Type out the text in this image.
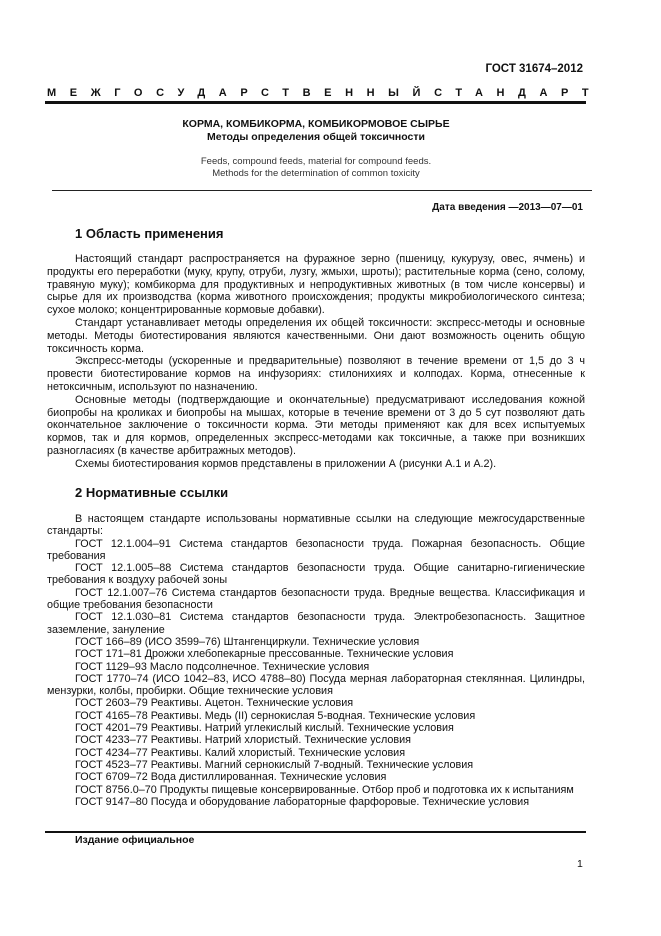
ГОСТ 31674–2012
МЕЖГОСУДАРСТВЕННЫЙ СТАНДАРТ
КОРМА, КОМБИКОРМА, КОМБИКОРМОВОЕ СЫРЬЕ
Методы определения общей токсичности
Feeds, compound feeds, material for compound feeds.
Methods for the determination of common toxicity
Дата введения —2013—07—01
1 Область применения

Настоящий стандарт распространяется на фуражное зерно (пшеницу, кукурузу, овес, ячмень) и продукты его переработки (муку, крупу, отруби, лузгу, жмыхи, шроты); растительные корма (сено, солому, травяную муку); комбикорма для продуктивных и непродуктивных животных (в том числе консервы) и сырье для их производства (корма животного происхождения; продукты микробиологического синтеза; сухое молоко; концентрированные кормовые добавки).

Стандарт устанавливает методы определения их общей токсичности: экспресс-методы и основные методы. Методы биотестирования являются качественными. Они дают возможность оценить общую токсичность корма.

Экспресс-методы (ускоренные и предварительные) позволяют в течение времени от 1,5 до 3 ч провести биотестирование кормов на инфузориях: стилонихиях и колподах. Корма, отнесенные к нетоксичным, используют по назначению.

Основные методы (подтверждающие и окончательные) предусматривают исследования кожной биопробы на кроликах и биопробы на мышах, которые в течение времени от 3 до 5 сут позволяют дать окончательное заключение о токсичности корма. Эти методы применяют как для всех испытуемых кормов, так и для кормов, определенных экспресс-методами как токсичные, а также при возникших разногласиях (в качестве арбитражных методов).

Схемы биотестирования кормов представлены в приложении А (рисунки А.1 и А.2).

2 Нормативные ссылки

В настоящем стандарте использованы нормативные ссылки на следующие межгосударственные стандарты:

ГОСТ 12.1.004–91 Система стандартов безопасности труда. Пожарная безопасность. Общие требования

ГОСТ 12.1.005–88 Система стандартов безопасности труда. Общие санитарно-гигиенические требования к воздуху рабочей зоны

ГОСТ 12.1.007–76 Система стандартов безопасности труда. Вредные вещества. Классификация и общие требования безопасности

ГОСТ 12.1.030–81 Система стандартов безопасности труда. Электробезопасность. Защитное заземление, зануление

ГОСТ 166–89 (ИСО 3599–76) Штангенциркули. Технические условия

ГОСТ 171–81 Дрожжи хлебопекарные прессованные. Технические условия

ГОСТ 1129–93 Масло подсолнечное. Технические условия

ГОСТ 1770–74 (ИСО 1042–83, ИСО 4788–80) Посуда мерная лабораторная стеклянная. Цилиндры, мензурки, колбы, пробирки. Общие технические условия

ГОСТ 2603–79 Реактивы. Ацетон. Технические условия

ГОСТ 4165–78 Реактивы. Медь (II) сернокислая 5-водная. Технические условия

ГОСТ 4201–79 Реактивы. Натрий углекислый кислый. Технические условия

ГОСТ 4233–77 Реактивы. Натрий хлористый. Технические условия

ГОСТ 4234–77 Реактивы. Калий хлористый. Технические условия

ГОСТ 4523–77 Реактивы. Магний сернокислый 7-водный. Технические условия

ГОСТ 6709–72 Вода дистиллированная. Технические условия

ГОСТ 8756.0–70 Продукты пищевые консервированные. Отбор проб и подготовка их к испытаниям

ГОСТ 9147–80 Посуда и оборудование лабораторные фарфоровые. Технические условия

Издание официальное
1
